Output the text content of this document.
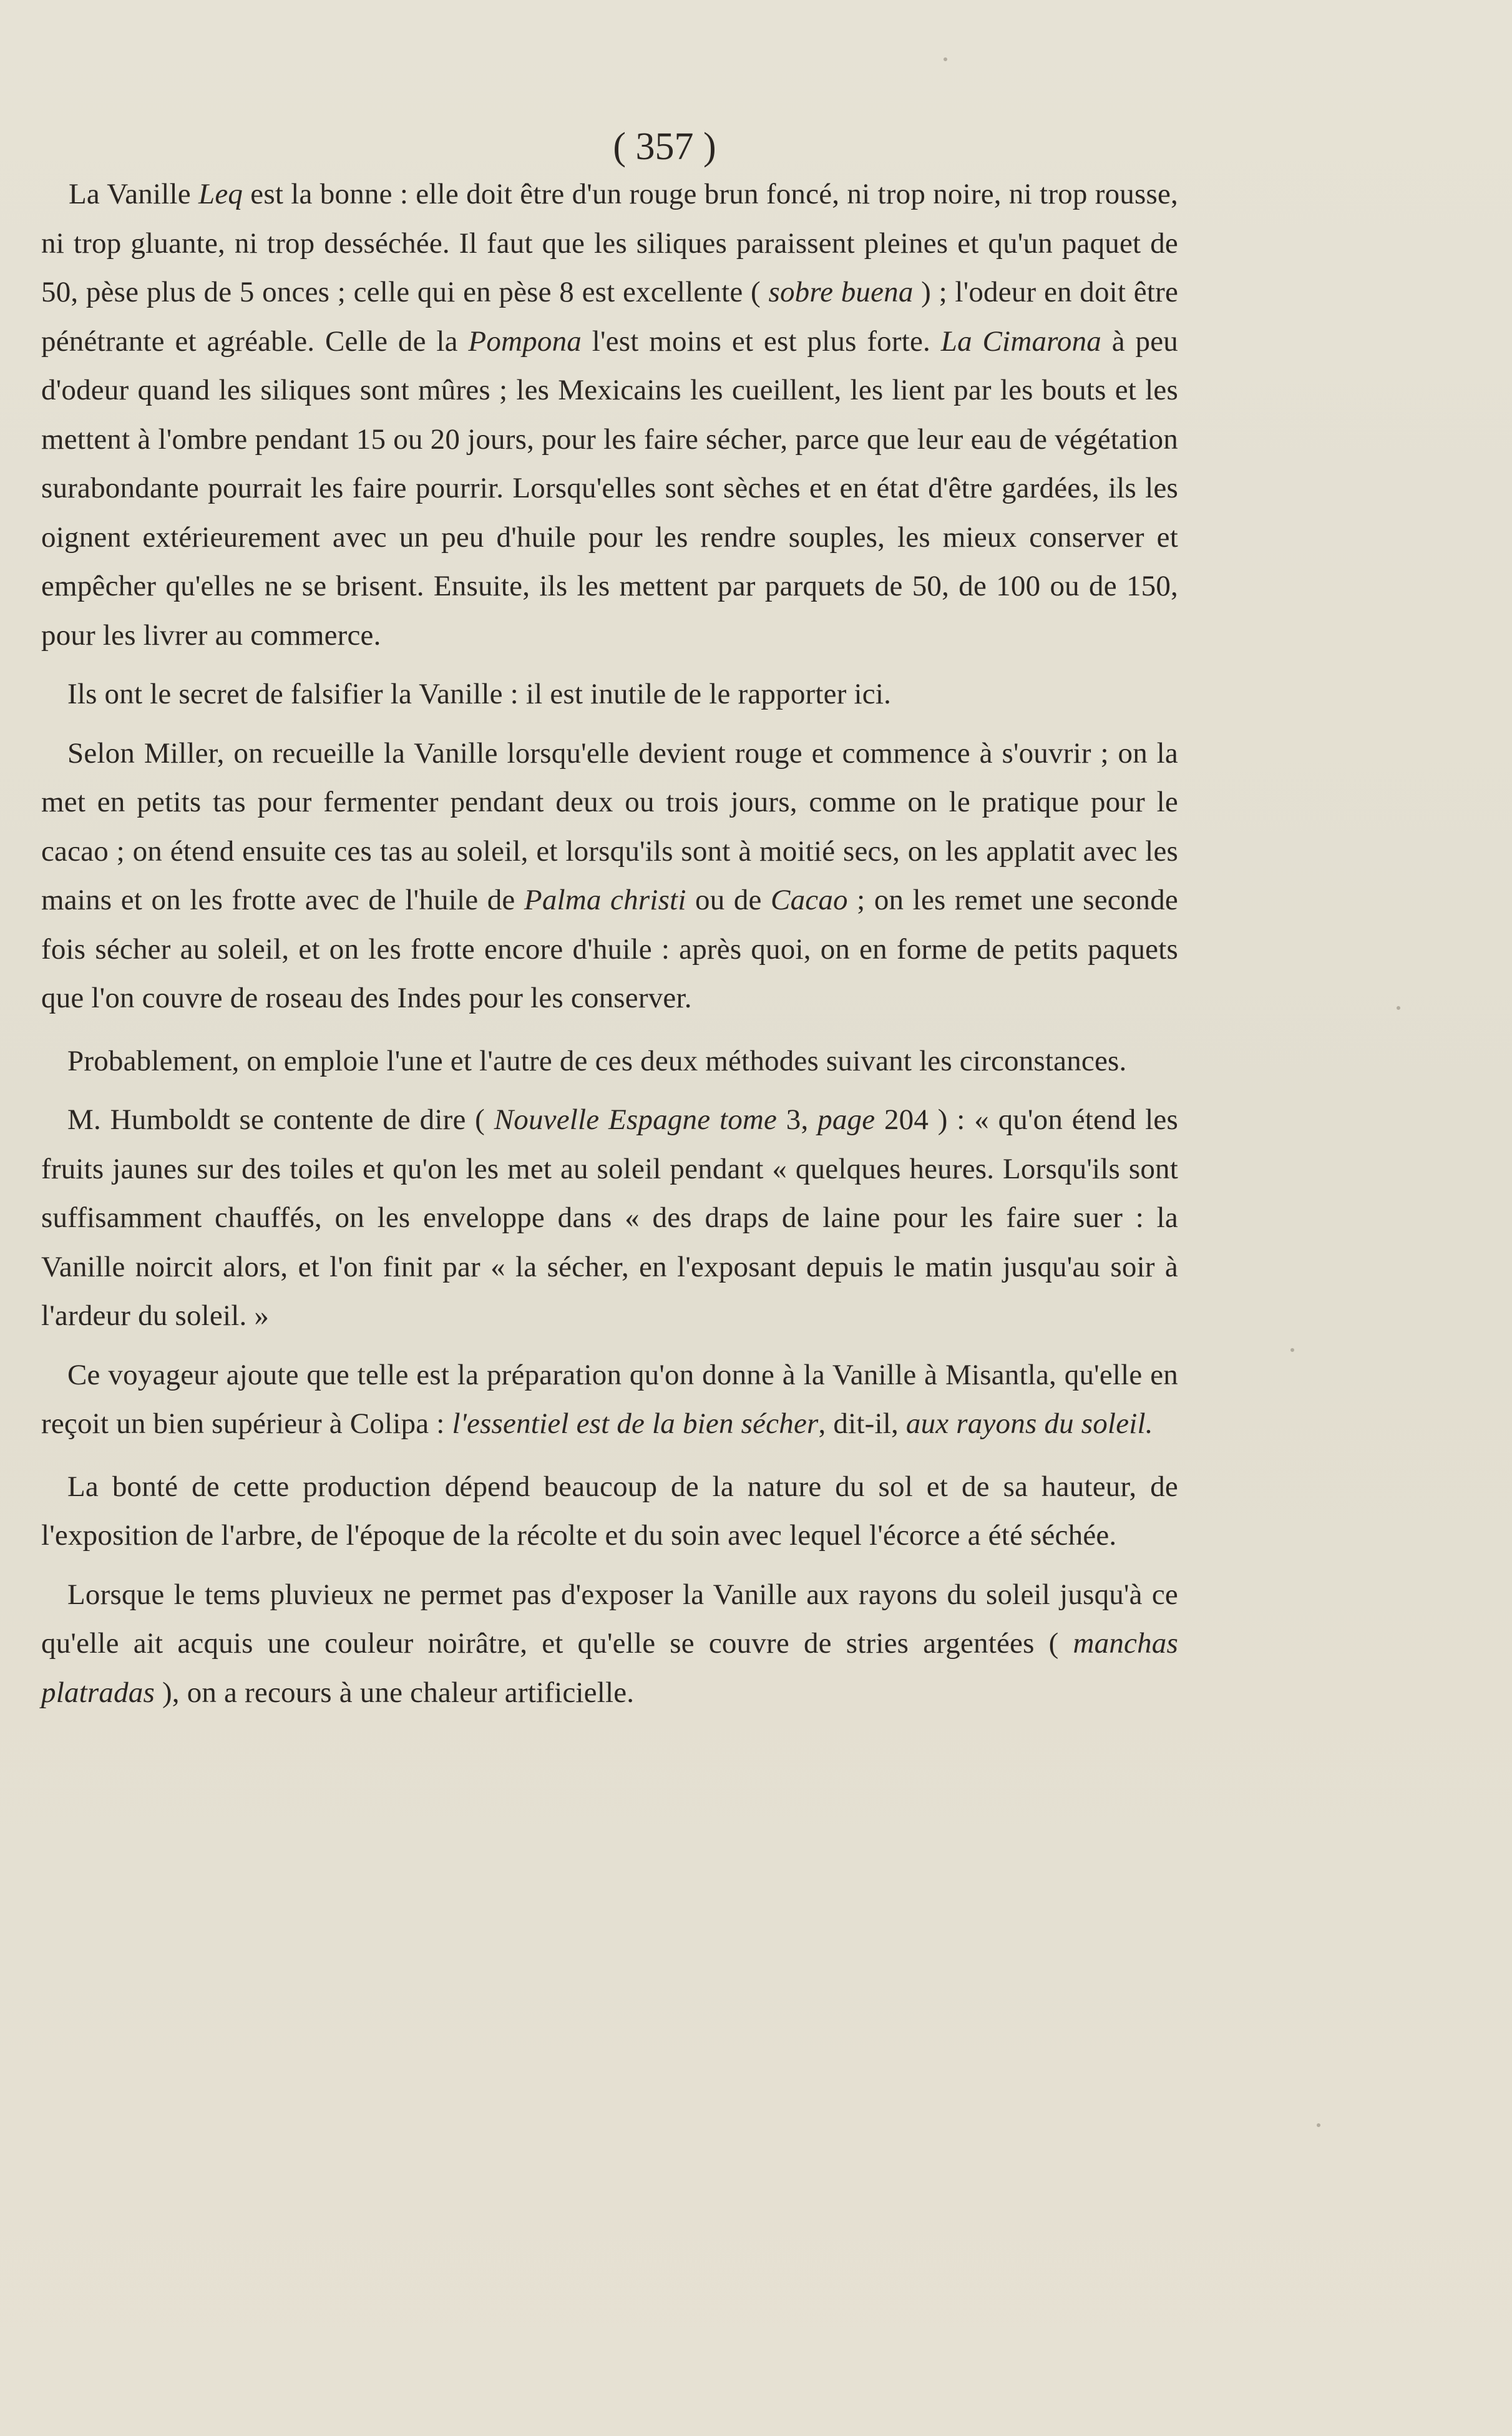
( 357 )

La Vanille Leq est la bonne : elle doit être d'un rouge brun foncé, ni trop noire, ni trop rousse, ni trop gluante, ni trop desséchée. Il faut que les siliques paraissent pleines et qu'un paquet de 50, pèse plus de 5 onces ; celle qui en pèse 8 est excellente ( sobre buena ) ; l'odeur en doit être pénétrante et agréable. Celle de la Pompona l'est moins et est plus forte. La Cimarona à peu d'odeur quand les siliques sont mûres ; les Mexicains les cueillent, les lient par les bouts et les mettent à l'ombre pendant 15 ou 20 jours, pour les faire sécher, parce que leur eau de végétation surabondante pourrait les faire pourrir. Lorsqu'elles sont sèches et en état d'être gardées, ils les oignent extérieurement avec un peu d'huile pour les rendre souples, les mieux conserver et empêcher qu'elles ne se brisent. Ensuite, ils les mettent par parquets de 50, de 100 ou de 150, pour les livrer au commerce.

Ils ont le secret de falsifier la Vanille : il est inutile de le rapporter ici.

Selon Miller, on recueille la Vanille lorsqu'elle devient rouge et commence à s'ouvrir ; on la met en petits tas pour fermenter pendant deux ou trois jours, comme on le pratique pour le cacao ; on étend ensuite ces tas au soleil, et lorsqu'ils sont à moitié secs, on les applatit avec les mains et on les frotte avec de l'huile de Palma christi ou de Cacao ; on les remet une seconde fois sécher au soleil, et on les frotte encore d'huile : après quoi, on en forme de petits paquets que l'on couvre de roseau des Indes pour les conserver.

Probablement, on emploie l'une et l'autre de ces deux méthodes suivant les circonstances.

M. Humboldt se contente de dire ( Nouvelle Espagne tome 3, page 204 ) : « qu'on étend les fruits jaunes sur des toiles et qu'on les met au soleil pendant « quelques heures. Lorsqu'ils sont suffisamment chauffés, on les enveloppe dans « des draps de laine pour les faire suer : la Vanille noircit alors, et l'on finit par « la sécher, en l'exposant depuis le matin jusqu'au soir à l'ardeur du soleil. »

Ce voyageur ajoute que telle est la préparation qu'on donne à la Vanille à Misantla, qu'elle en reçoit un bien supérieur à Colipa : l'essentiel est de la bien sécher, dit-il, aux rayons du soleil.

La bonté de cette production dépend beaucoup de la nature du sol et de sa hauteur, de l'exposition de l'arbre, de l'époque de la récolte et du soin avec lequel l'écorce a été séchée.

Lorsque le tems pluvieux ne permet pas d'exposer la Vanille aux rayons du soleil jusqu'à ce qu'elle ait acquis une couleur noirâtre, et qu'elle se couvre de stries argentées ( manchas platradas ), on a recours à une chaleur artificielle.
